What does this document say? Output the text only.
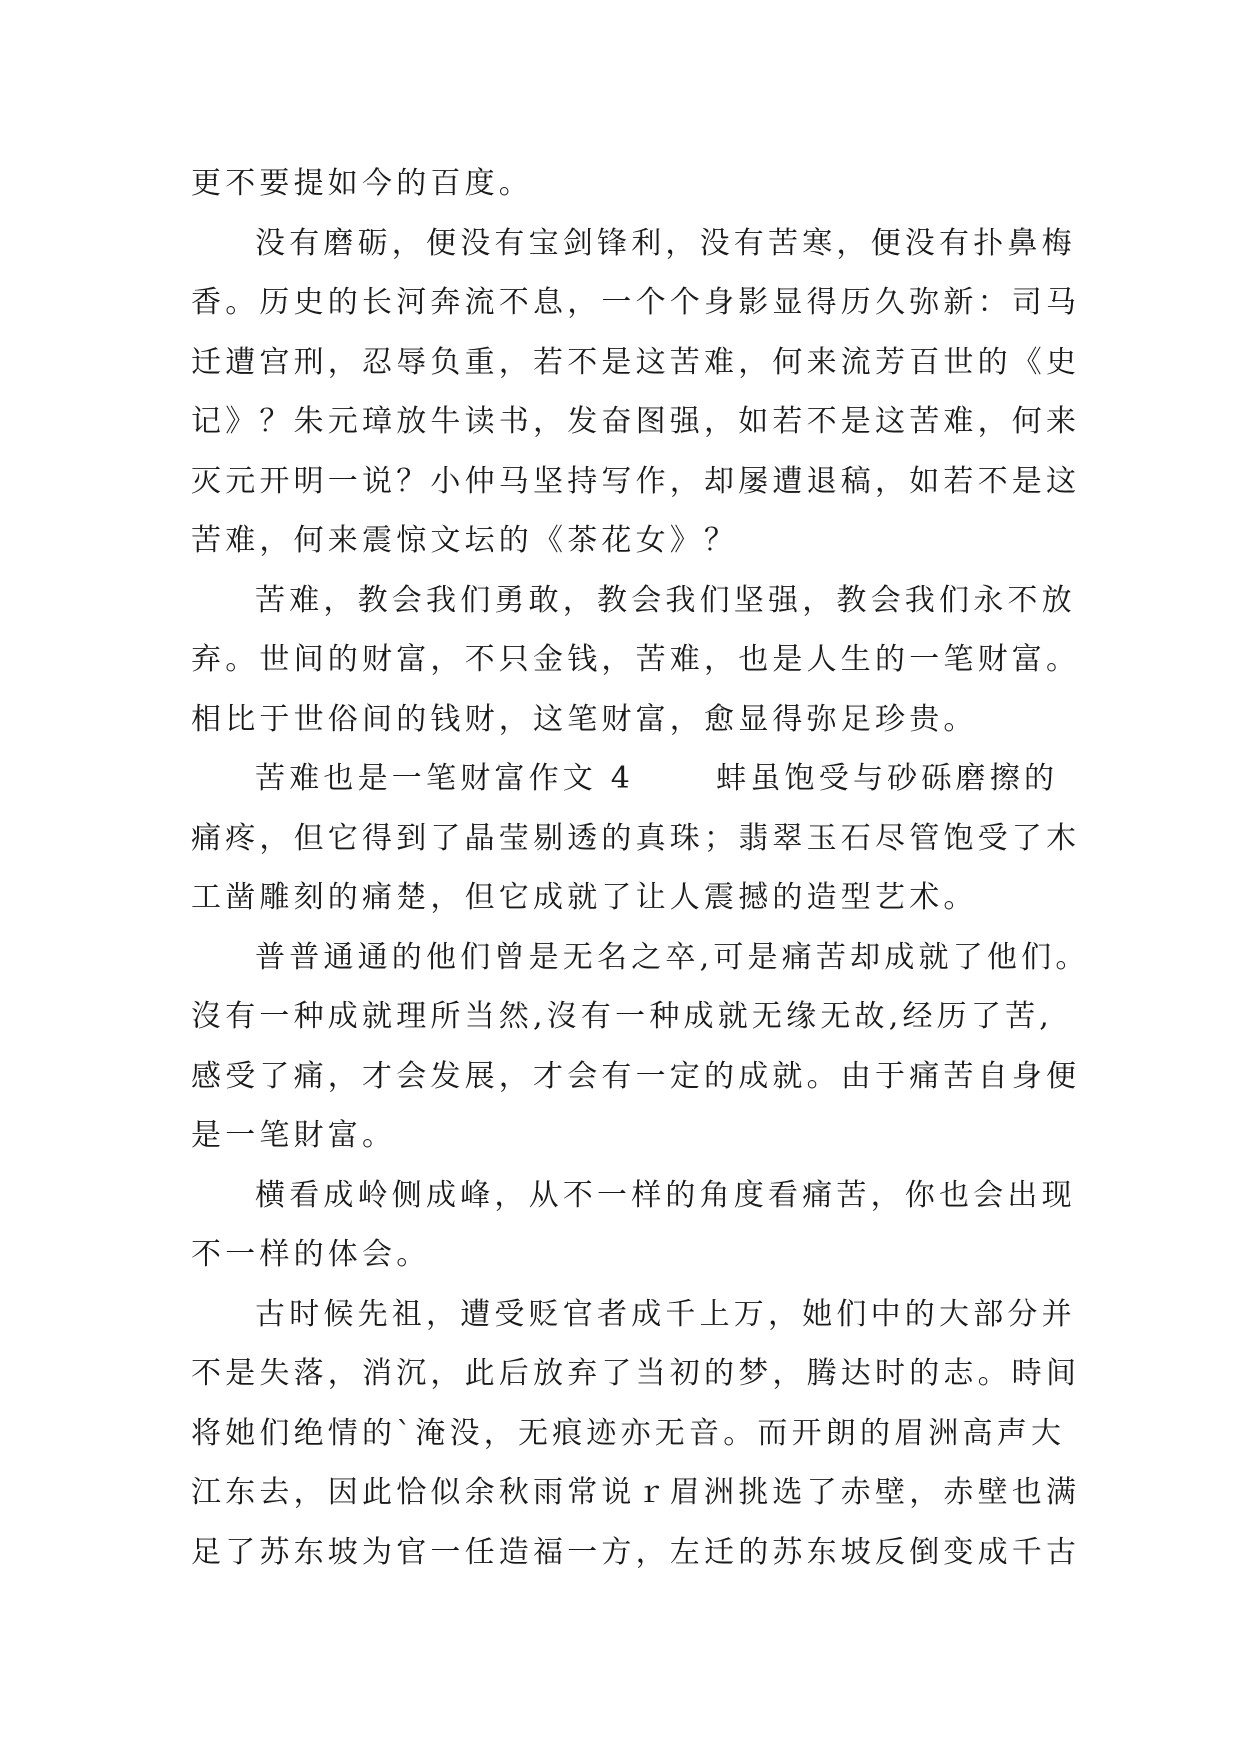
更不要提如今的百度。
没有磨砺，便没有宝剑锋利，没有苦寒，便没有扑鼻梅
香。历史的长河奔流不息，一个个身影显得历久弥新：司马
迁遭宫刑，忍辱负重，若不是这苦难，何来流芳百世的《史
记》？朱元璋放牛读书，发奋图强，如若不是这苦难，何来
灭元开明一说？小仲马坚持写作，却屡遭退稿，如若不是这
苦难，何来震惊文坛的《茶花女》？
苦难，教会我们勇敢，教会我们坚强，教会我们永不放
弃。世间的财富，不只金钱，苦难，也是人生的一笔财富。
相比于世俗间的钱财，这笔财富，愈显得弥足珍贵。
苦难也是一笔财富作文 4　　 蚌虽饱受与砂砾磨擦的
痛疼，但它得到了晶莹剔透的真珠；翡翠玉石尽管饱受了木
工凿雕刻的痛楚，但它成就了让人震撼的造型艺术。
普普通通的他们曾是无名之卒,可是痛苦却成就了他们。
沒有一种成就理所当然,沒有一种成就无缘无故,经历了苦,
感受了痛，才会发展，才会有一定的成就。由于痛苦自身便
是一笔財富。
横看成岭侧成峰，从不一样的角度看痛苦，你也会出现
不一样的体会。
古时候先祖，遭受贬官者成千上万，她们中的大部分并
不是失落，消沉，此后放弃了当初的梦，腾达时的志。時间
将她们绝情的`淹没，无痕迹亦无音。而开朗的眉洲高声大
江东去，因此恰似余秋雨常说ｒ眉洲挑选了赤壁，赤壁也满
足了苏东坡为官一任造福一方，左迁的苏东坡反倒变成千古
